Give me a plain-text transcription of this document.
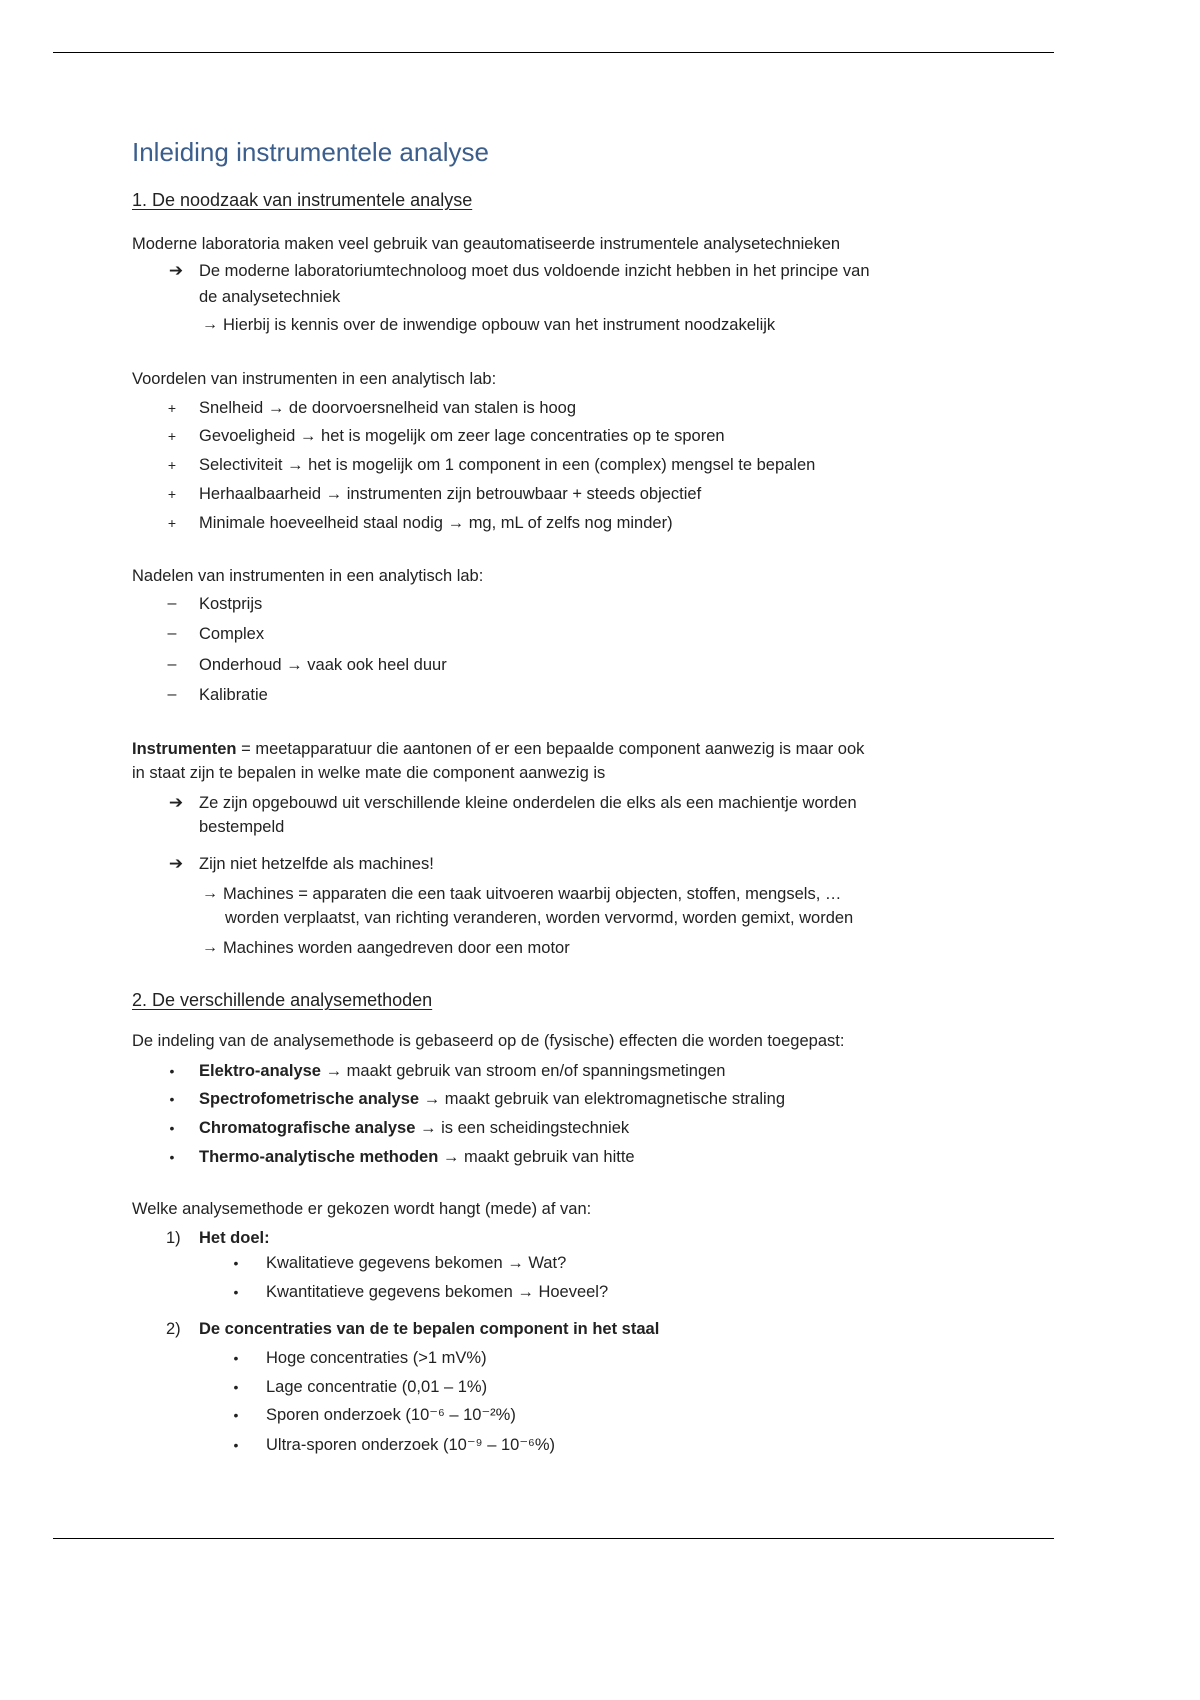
Inleiding instrumentele analyse
1. De noodzaak van instrumentele analyse
Moderne laboratoria maken veel gebruik van geautomatiseerde instrumentele analysetechnieken
➔ De moderne laboratoriumtechnoloog moet dus voldoende inzicht hebben in het principe van
de analysetechniek
→ Hierbij is kennis over de inwendige opbouw van het instrument noodzakelijk
Voordelen van instrumenten in een analytisch lab:
+	Snelheid → de doorvoersnelheid van stalen is hoog
+	Gevoeligheid → het is mogelijk om zeer lage concentraties op te sporen
+	Selectiviteit → het is mogelijk om 1 component in een (complex) mengsel te bepalen
+	Herhaalbaarheid → instrumenten zijn betrouwbaar + steeds objectief
+	Minimale hoeveelheid staal nodig → mg, mL of zelfs nog minder)
Nadelen van instrumenten in een analytisch lab:
–	Kostprijs
–	Complex
–	Onderhoud → vaak ook heel duur
–	Kalibratie
Instrumenten = meetapparatuur die aantonen of er een bepaalde component aanwezig is maar ook
in staat zijn te bepalen in welke mate die component aanwezig is
➔ Ze zijn opgebouwd uit verschillende kleine onderdelen die elks als een machientje worden
bestempeld
➔ Zijn niet hetzelfde als machines!
→ Machines = apparaten die een taak uitvoeren waarbij objecten, stoffen, mengsels, …
worden verplaatst, van richting veranderen, worden vervormd, worden gemixt, worden
→ Machines worden aangedreven door een motor
2. De verschillende analysemethoden
De indeling van de analysemethode is gebaseerd op de (fysische) effecten die worden toegepast:
•	Elektro-analyse → maakt gebruik van stroom en/of spanningsmetingen
•	Spectrofometrische analyse → maakt gebruik van elektromagnetische straling
•	Chromatografische analyse → is een scheidingstechniek
•	Thermo-analytische methoden → maakt gebruik van hitte
Welke analysemethode er gekozen wordt hangt (mede) af van:
1) Het doel:
•	Kwalitatieve gegevens bekomen → Wat?
•	Kwantitatieve gegevens bekomen → Hoeveel?
2) De concentraties van de te bepalen component in het staal
•	Hoge concentraties (>1 mV%)
•	Lage concentratie (0,01 – 1%)
•	Sporen onderzoek (10⁻⁶ – 10⁻²%)
•	Ultra-sporen onderzoek (10⁻⁹ – 10⁻⁶%)
